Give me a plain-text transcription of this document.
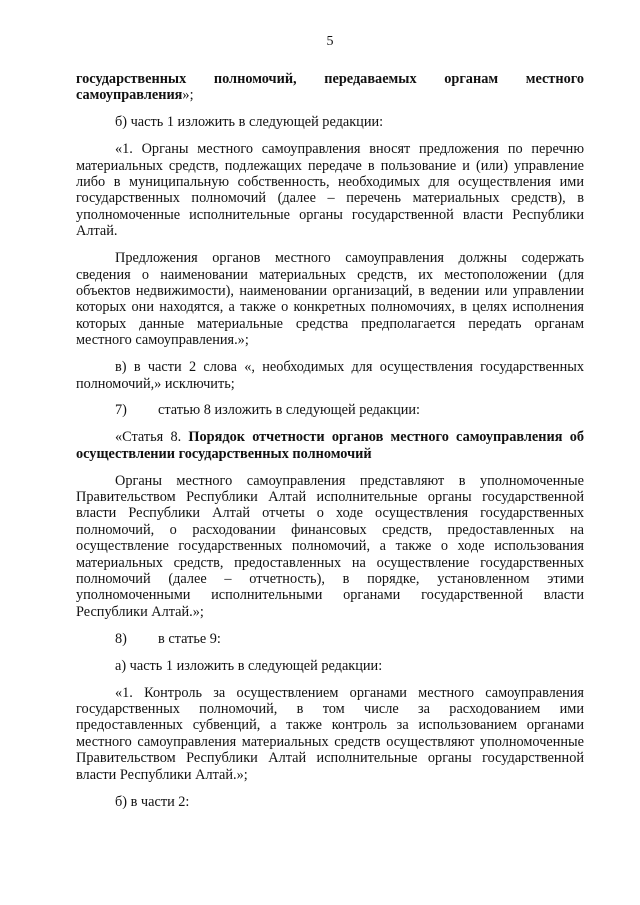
5

государственных полномочий, передаваемых органам местного самоуправления»;

б) часть 1 изложить в следующей редакции:

«1. Органы местного самоуправления вносят предложения по перечню материальных средств, подлежащих передаче в пользование и (или) управление либо в муниципальную собственность, необходимых для осуществления ими государственных полномочий (далее – перечень материальных средств), в уполномоченные исполнительные органы государственной власти Республики Алтай.

Предложения органов местного самоуправления должны содержать сведения о наименовании материальных средств, их местоположении (для объектов недвижимости), наименовании организаций, в ведении или управлении которых они находятся, а также о конкретных полномочиях, в целях исполнения которых данные материальные средства предполагается передать органам местного самоуправления.»;

в) в части 2 слова «, необходимых для осуществления государственных полномочий,» исключить;

7) статью 8 изложить в следующей редакции:

«Статья 8. Порядок отчетности органов местного самоуправления об осуществлении государственных полномочий

Органы местного самоуправления представляют в уполномоченные Правительством Республики Алтай исполнительные органы государственной власти Республики Алтай отчеты о ходе осуществления государственных полномочий, о расходовании финансовых средств, предоставленных на осуществление государственных полномочий, а также о ходе использования материальных средств, предоставленных на осуществление государственных полномочий (далее – отчетность), в порядке, установленном этими уполномоченными исполнительными органами государственной власти Республики Алтай.»;

8) в статье 9:

а) часть 1 изложить в следующей редакции:

«1. Контроль за осуществлением органами местного самоуправления государственных полномочий, в том числе за расходованием ими предоставленных субвенций, а также контроль за использованием органами местного самоуправления материальных средств осуществляют уполномоченные Правительством Республики Алтай исполнительные органы государственной власти Республики Алтай.»;

б) в части 2:
